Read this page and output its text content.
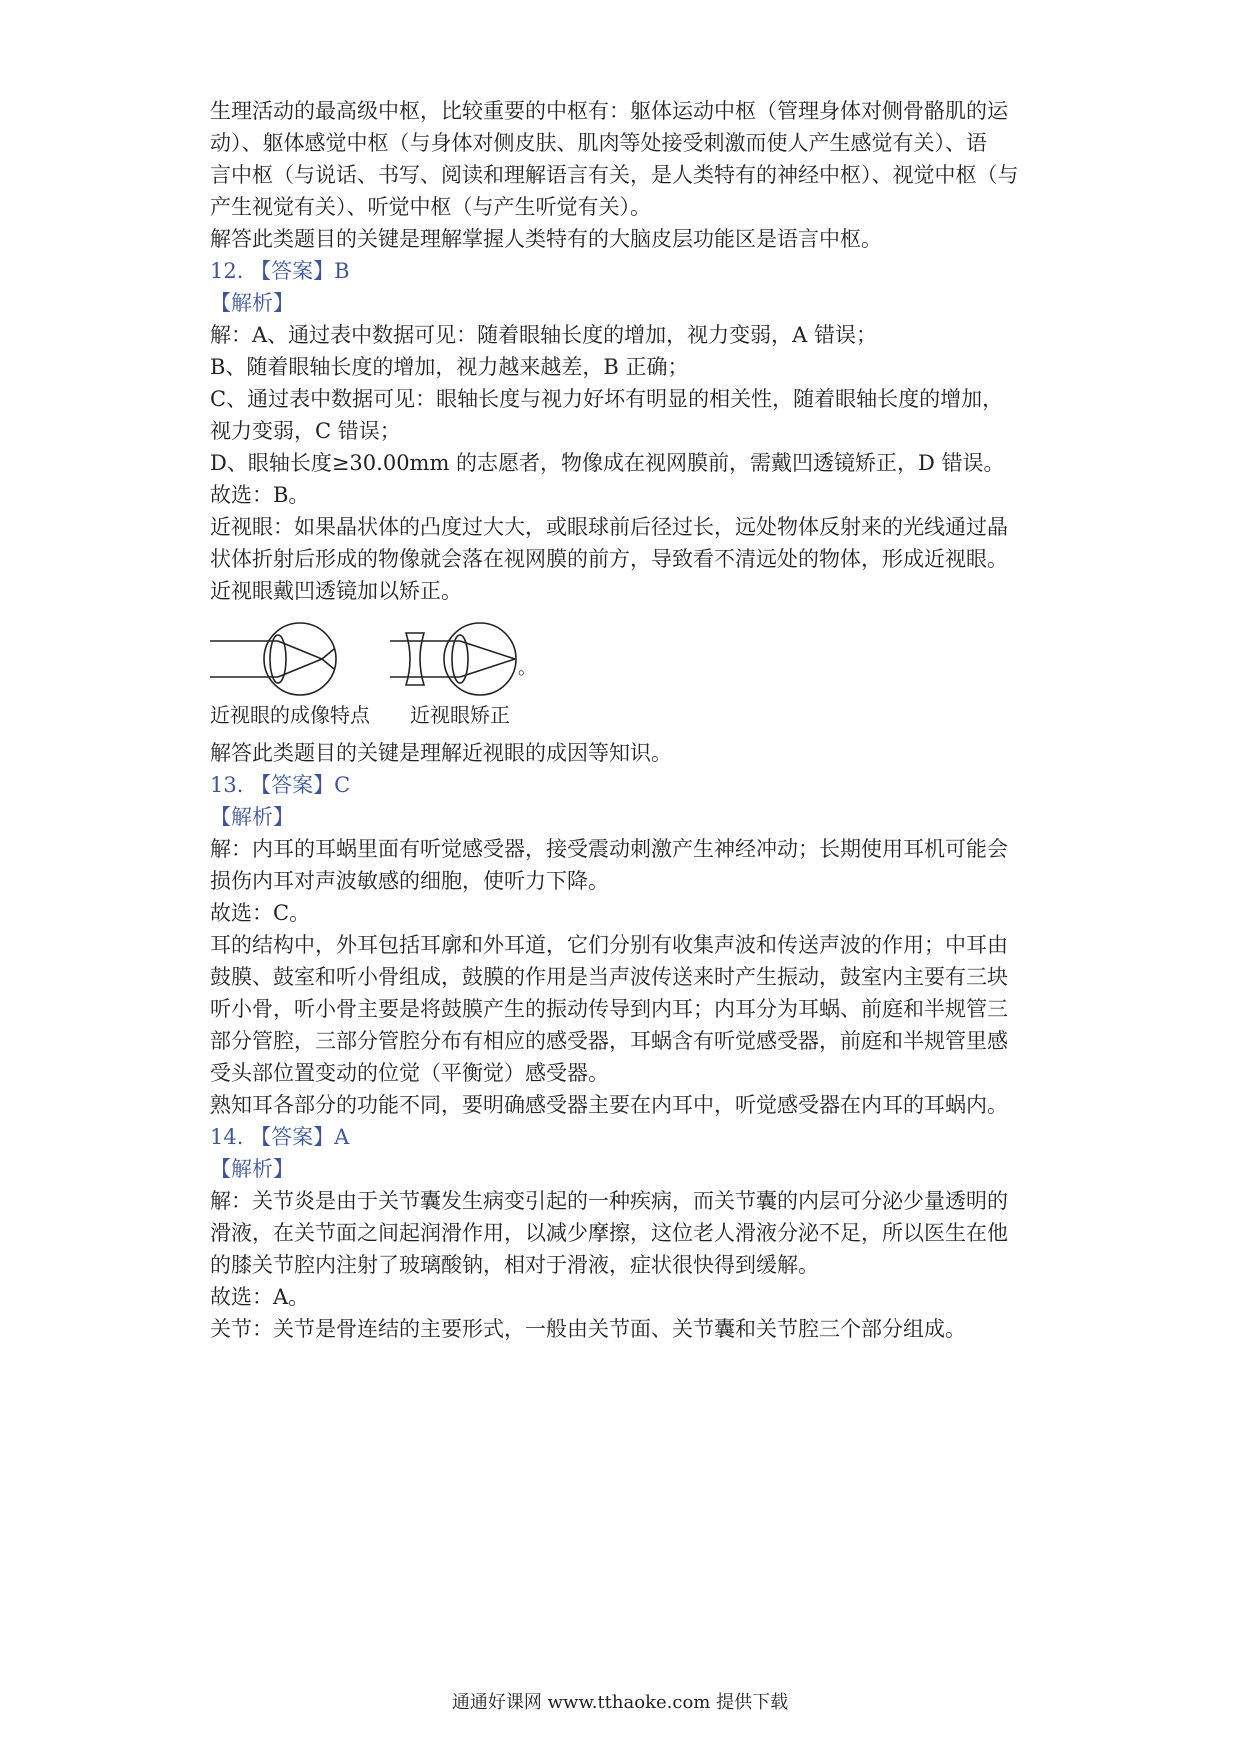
生理活动的最高级中枢，比较重要的中枢有：躯体运动中枢（管理身体对侧骨骼肌的运

动）、躯体感觉中枢（与身体对侧皮肤、肌肉等处接受刺激而使人产生感觉有关）、语

言中枢（与说话、书写、阅读和理解语言有关，是人类特有的神经中枢）、视觉中枢（与

产生视觉有关）、听觉中枢（与产生听觉有关）。

解答此类题目的关键是理解掌握人类特有的大脑皮层功能区是语言中枢。

12. 【答案】B

【解析】

解：A、通过表中数据可见：随着眼轴长度的增加，视力变弱，A 错误；

B、随着眼轴长度的增加，视力越来越差，B 正确；

C、通过表中数据可见：眼轴长度与视力好坏有明显的相关性，随着眼轴长度的增加，

视力变弱，C 错误；

D、眼轴长度≥30.00mm 的志愿者，物像成在视网膜前，需戴凹透镜矫正，D 错误。

故选：B。

近视眼：如果晶状体的凸度过大大，或眼球前后径过长，远处物体反射来的光线通过晶

状体折射后形成的物像就会落在视网膜的前方，导致看不清远处的物体，形成近视眼。

近视眼戴凹透镜加以矫正。

。
近视眼的成像特点 近视眼矫正

解答此类题目的关键是理解近视眼的成因等知识。

13. 【答案】C

【解析】

解：内耳的耳蜗里面有听觉感受器，接受震动刺激产生神经冲动；长期使用耳机可能会

损伤内耳对声波敏感的细胞，使听力下降。

故选：C。

耳的结构中，外耳包括耳廓和外耳道，它们分别有收集声波和传送声波的作用；中耳由

鼓膜、鼓室和听小骨组成，鼓膜的作用是当声波传送来时产生振动，鼓室内主要有三块

听小骨，听小骨主要是将鼓膜产生的振动传导到内耳；内耳分为耳蜗、前庭和半规管三

部分管腔，三部分管腔分布有相应的感受器，耳蜗含有听觉感受器，前庭和半规管里感

受头部位置变动的位觉（平衡觉）感受器。

熟知耳各部分的功能不同，要明确感受器主要在内耳中，听觉感受器在内耳的耳蜗内。

14. 【答案】A

【解析】

解：关节炎是由于关节囊发生病变引起的一种疾病，而关节囊的内层可分泌少量透明的

滑液，在关节面之间起润滑作用，以减少摩擦，这位老人滑液分泌不足，所以医生在他

的膝关节腔内注射了玻璃酸钠，相对于滑液，症状很快得到缓解。

故选：A。

关节：关节是骨连结的主要形式，一般由关节面、关节囊和关节腔三个部分组成。

通通好课网 www.tthaoke.com 提供下载
